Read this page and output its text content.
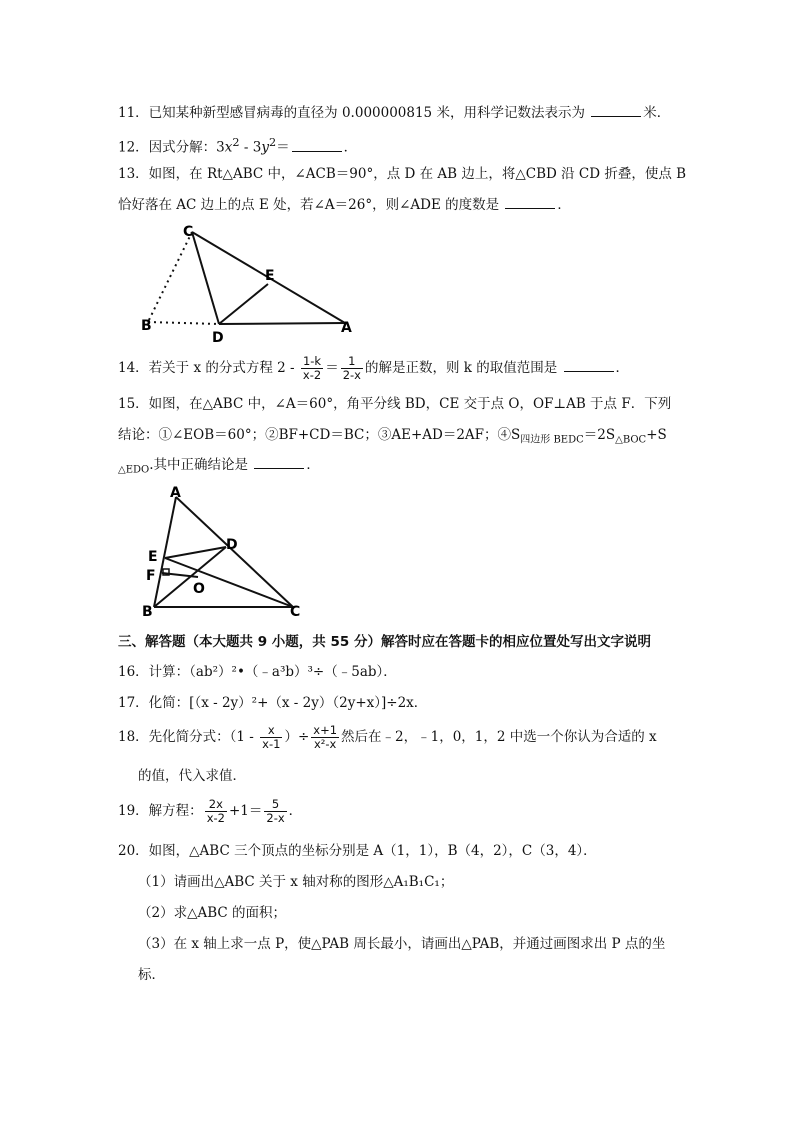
11．已知某种新型感冒病毒的直径为 0.000000815 米，用科学记数法表示为	米．
12．因式分解：$3x^2 - 3y^2=$	．
13．如图，在 Rt△ABC 中，∠ACB＝90°，点 D 在 AB 边上，将△CBD 沿 CD 折叠，使点 B
恰好落在 AC 边上的点 E 处，若∠A＝26°，则∠ADE 的度数是	．
C
E
B
D
A
14．若关于 x 的分式方程 $2 - \frac{1-k}{x-2} = \frac{1}{2-x}$ 的解是正数，则 k 的取值范围是	．
15．如图，在△ABC 中，∠A＝60°，角平分线 BD，CE 交于点 O，OF⊥AB 于点 F．下列
结论：①∠EOB＝60°；②BF+CD＝BC；③AE+AD＝2AF；$④S_{四边形 BEDC}=2S_{\triangle BOC}+S$
$_{\triangle EDO}$.其中正确结论是	．
A
E
D
F
O
B	C
三、解答题（本大题共 9 小题，共 55 分）解答时应在答题卡的相应位置处写出文字说明
16．计算：（ab²）²•（﹣a³b）³÷（﹣5ab）．
17．化简：[（x - 2y）²+（x - 2y）（2y+x）]÷2x．
18．先化简分式：（$1 - \frac{x}{x-1}$ ）÷ $\frac{x+1}{\text{x²-x}}$ 然后在﹣2，﹣1，0，1，2 中选一个你认为合适的 x
的值，代入求值．
19．解方程： $\frac{2x}{x-2} +1= \frac{5}{2-x}$ ．
20．如图，△ABC 三个顶点的坐标分别是 A（1，1），B（4，2），C（3，4）．
（1）请画出△ABC 关于 x 轴对称的图形△A₁B₁C₁；
（2）求△ABC 的面积；
（3）在 x 轴上求一点 P，使△PAB 周长最小，请画出△PAB，并通过画图求出 P 点的坐
标．
